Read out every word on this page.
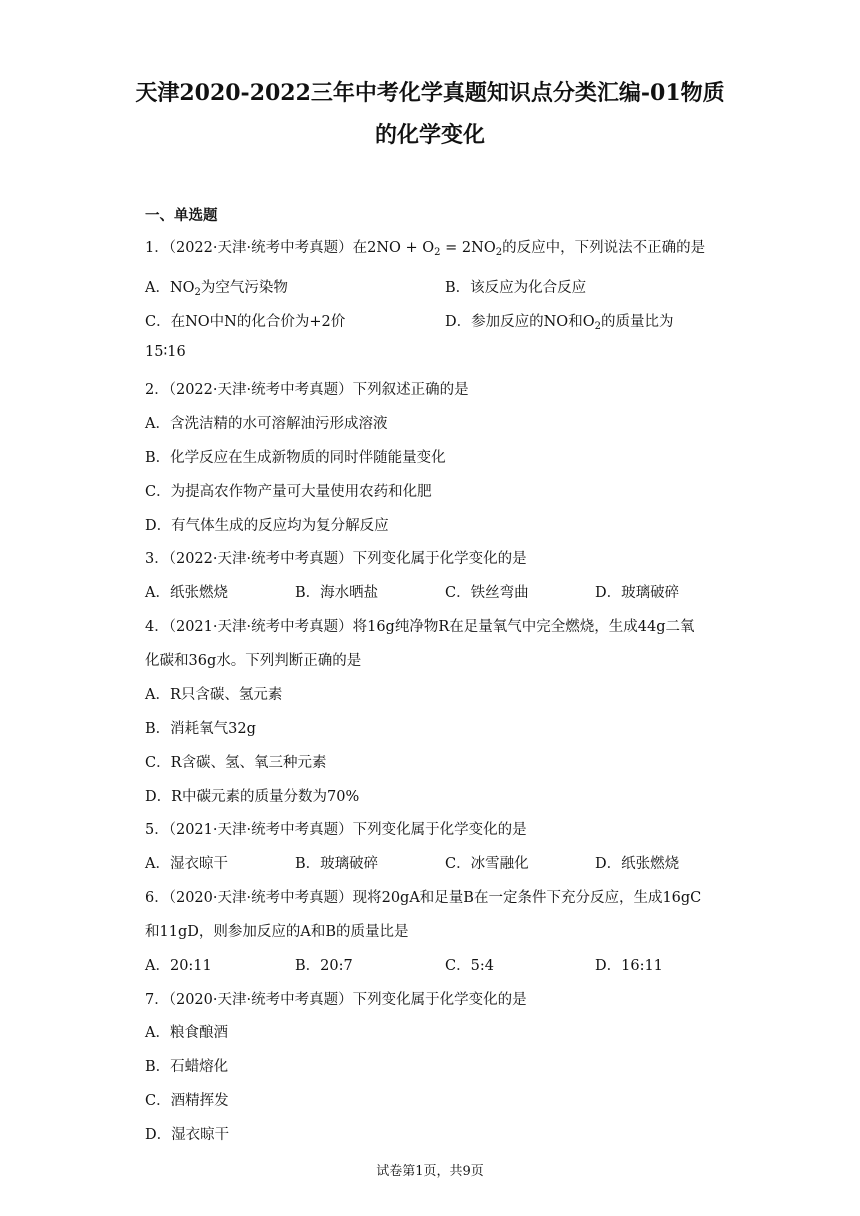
天津2020-2022三年中考化学真题知识点分类汇编-01物质
的化学变化
一、单选题
1．（2022·天津·统考中考真题）在$2NO + O_2 = 2NO_2$的反应中，下列说法不正确的是
A．$NO_2$为空气污染物	B．该反应为化合反应
C．在NO中N的化合价为+2价	D．参加反应的NO和$O_2$的质量比为
15∶16
2．（2022·天津·统考中考真题）下列叙述正确的是
A．含洗洁精的水可溶解油污形成溶液
B．化学反应在生成新物质的同时伴随能量变化
C．为提高农作物产量可大量使用农药和化肥
D．有气体生成的反应均为复分解反应
3．（2022·天津·统考中考真题）下列变化属于化学变化的是
A．纸张燃烧	B．海水晒盐	C．铁丝弯曲	D．玻璃破碎
4．（2021·天津·统考中考真题）将16g纯净物R在足量氧气中完全燃烧，生成44g二氧
化碳和36g水。下列判断正确的是
A．R只含碳、氢元素
B．消耗氧气32g
C．R含碳、氢、氧三种元素
D．R中碳元素的质量分数为70%
5．（2021·天津·统考中考真题）下列变化属于化学变化的是
A．湿衣晾干	B．玻璃破碎	C．冰雪融化	D．纸张燃烧
6．（2020·天津·统考中考真题）现将20gA和足量B在一定条件下充分反应，生成16gC
和11gD，则参加反应的A和B的质量比是
A．20:11	B．20:7	C．5:4	D．16:11
7．（2020·天津·统考中考真题）下列变化属于化学变化的是
A．粮食酿酒
B．石蜡熔化
C．酒精挥发
D．湿衣晾干
试卷第1页，共9页
